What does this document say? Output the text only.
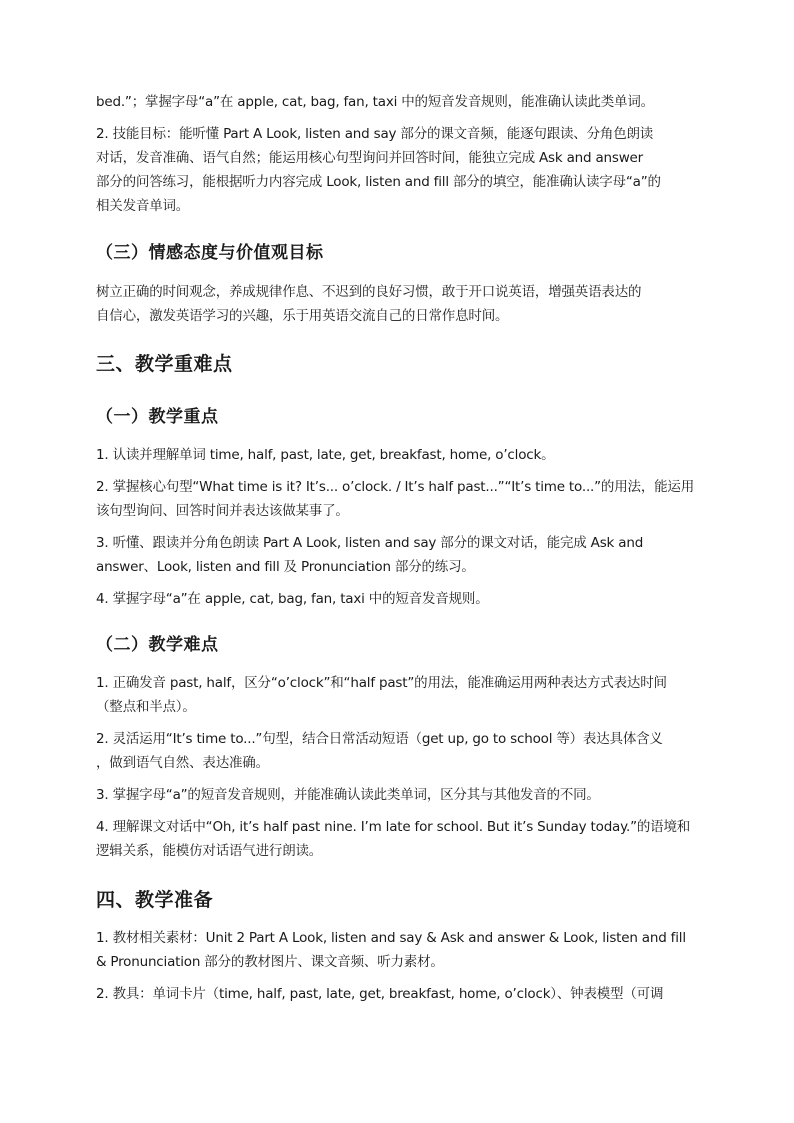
bed.”；掌握字母“a”在 apple, cat, bag, fan, taxi 中的短音发音规则，能准确认读此类单词。
2. 技能目标：能听懂 Part A Look, listen and say 部分的课文音频，能逐句跟读、分角色朗读
对话，发音准确、语气自然；能运用核心句型询问并回答时间，能独立完成 Ask and answer
部分的问答练习，能根据听力内容完成 Look, listen and fill 部分的填空，能准确认读字母“a”的
相关发音单词。
（三）情感态度与价值观目标
树立正确的时间观念，养成规律作息、不迟到的良好习惯，敢于开口说英语，增强英语表达的
自信心，激发英语学习的兴趣，乐于用英语交流自己的日常作息时间。
三、教学重难点
（一）教学重点
1. 认读并理解单词 time, half, past, late, get, breakfast, home, o’clock。
2. 掌握核心句型“What time is it? It’s... o’clock. / It’s half past...”“It’s time to...”的用法，能运用
该句型询问、回答时间并表达该做某事了。
3. 听懂、跟读并分角色朗读 Part A Look, listen and say 部分的课文对话，能完成 Ask and
answer、Look, listen and fill 及 Pronunciation 部分的练习。
4. 掌握字母“a”在 apple, cat, bag, fan, taxi 中的短音发音规则。
（二）教学难点
1. 正确发音 past, half，区分“o’clock”和“half past”的用法，能准确运用两种表达方式表达时间
（整点和半点）。
2. 灵活运用“It’s time to...”句型，结合日常活动短语（get up, go to school 等）表达具体含义
，做到语气自然、表达准确。
3. 掌握字母“a”的短音发音规则，并能准确认读此类单词，区分其与其他发音的不同。
4. 理解课文对话中“Oh, it’s half past nine. I’m late for school. But it’s Sunday today.”的语境和
逻辑关系，能模仿对话语气进行朗读。
四、教学准备
1. 教材相关素材：Unit 2 Part A Look, listen and say & Ask and answer & Look, listen and fill
& Pronunciation 部分的教材图片、课文音频、听力素材。
2. 教具：单词卡片（time, half, past, late, get, breakfast, home, o’clock）、钟表模型（可调
